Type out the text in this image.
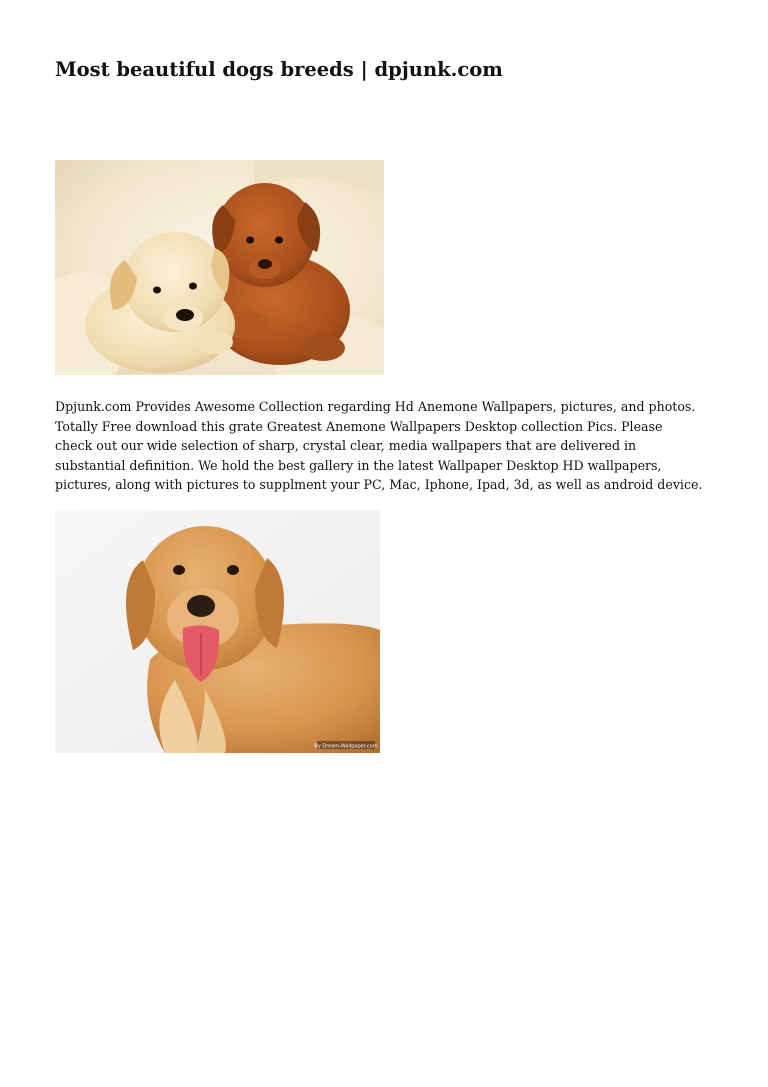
Most beautiful dogs breeds | dpjunk.com

Dpjunk.com Provides Awesome Collection regarding Hd Anemone Wallpapers, pictures, and photos.
Totally Free download this grate Greatest Anemone Wallpapers Desktop collection Pics. Please
check out our wide selection of sharp, crystal clear, media wallpapers that are delivered in
substantial definition. We hold the best gallery in the latest Wallpaper Desktop HD wallpapers,
pictures, along with pictures to supplment your PC, Mac, Iphone, Ipad, 3d, as well as android device.

By Dream-Wallpaper.com
